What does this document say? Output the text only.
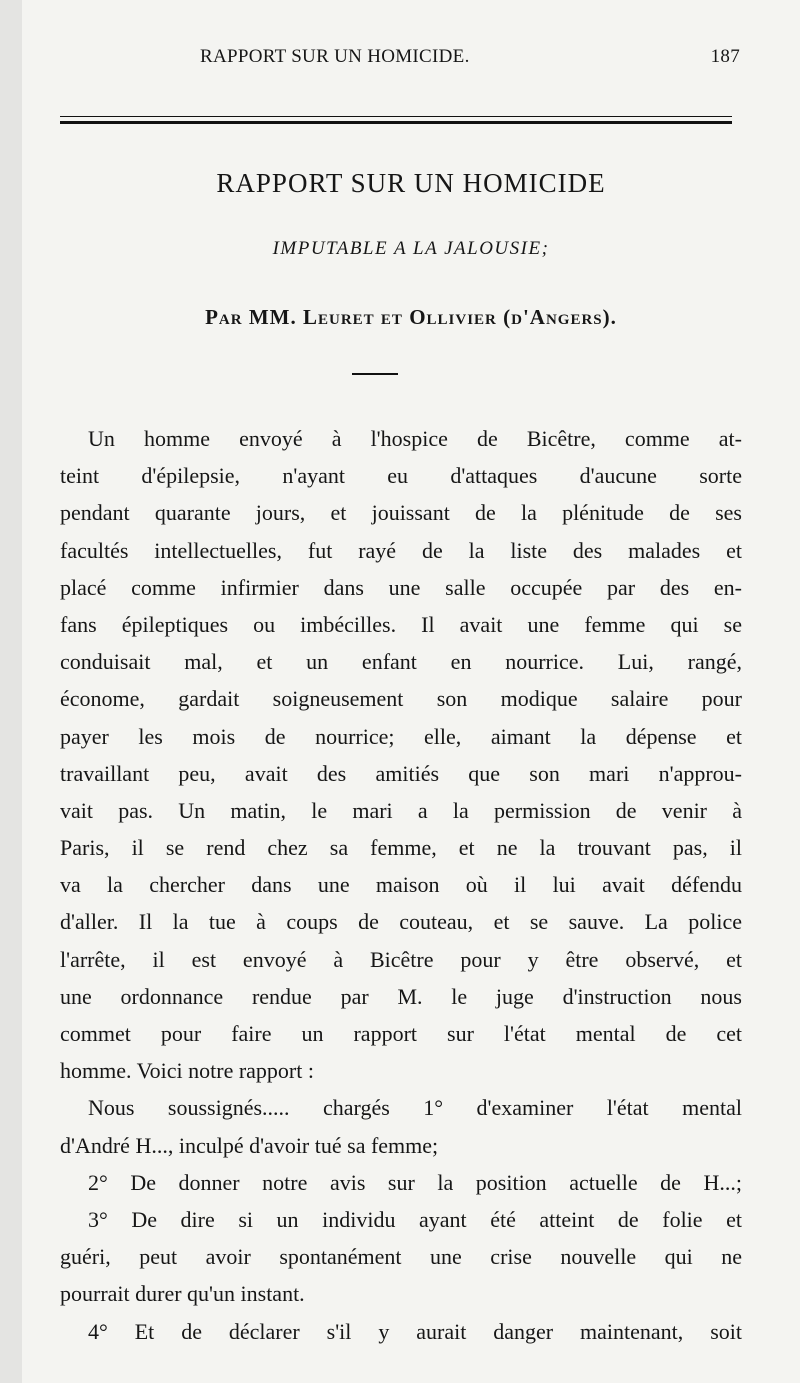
RAPPORT SUR UN HOMICIDE.	187
RAPPORT SUR UN HOMICIDE
IMPUTABLE A LA JALOUSIE;
Par MM. Leuret et Ollivier (d'Angers).
Un homme envoyé à l'hospice de Bicêtre, comme at-
teint d'épilepsie, n'ayant eu d'attaques d'aucune sorte
pendant quarante jours, et jouissant de la plénitude de ses
facultés intellectuelles, fut rayé de la liste des malades et
placé comme infirmier dans une salle occupée par des en-
fans épileptiques ou imbécilles. Il avait une femme qui se
conduisait mal, et un enfant en nourrice. Lui, rangé,
économe, gardait soigneusement son modique salaire pour
payer les mois de nourrice; elle, aimant la dépense et
travaillant peu, avait des amitiés que son mari n'approu-
vait pas. Un matin, le mari a la permission de venir à
Paris, il se rend chez sa femme, et ne la trouvant pas, il
va la chercher dans une maison où il lui avait défendu
d'aller. Il la tue à coups de couteau, et se sauve. La police
l'arrête, il est envoyé à Bicêtre pour y être observé, et
une ordonnance rendue par M. le juge d'instruction nous
commet pour faire un rapport sur l'état mental de cet
homme. Voici notre rapport :
Nous soussignés..... chargés 1° d'examiner l'état mental
d'André H..., inculpé d'avoir tué sa femme;
2° De donner notre avis sur la position actuelle de H...;
3° De dire si un individu ayant été atteint de folie et
guéri, peut avoir spontanément une crise nouvelle qui ne
pourrait durer qu'un instant.
4° Et de déclarer s'il y aurait danger maintenant, soit
